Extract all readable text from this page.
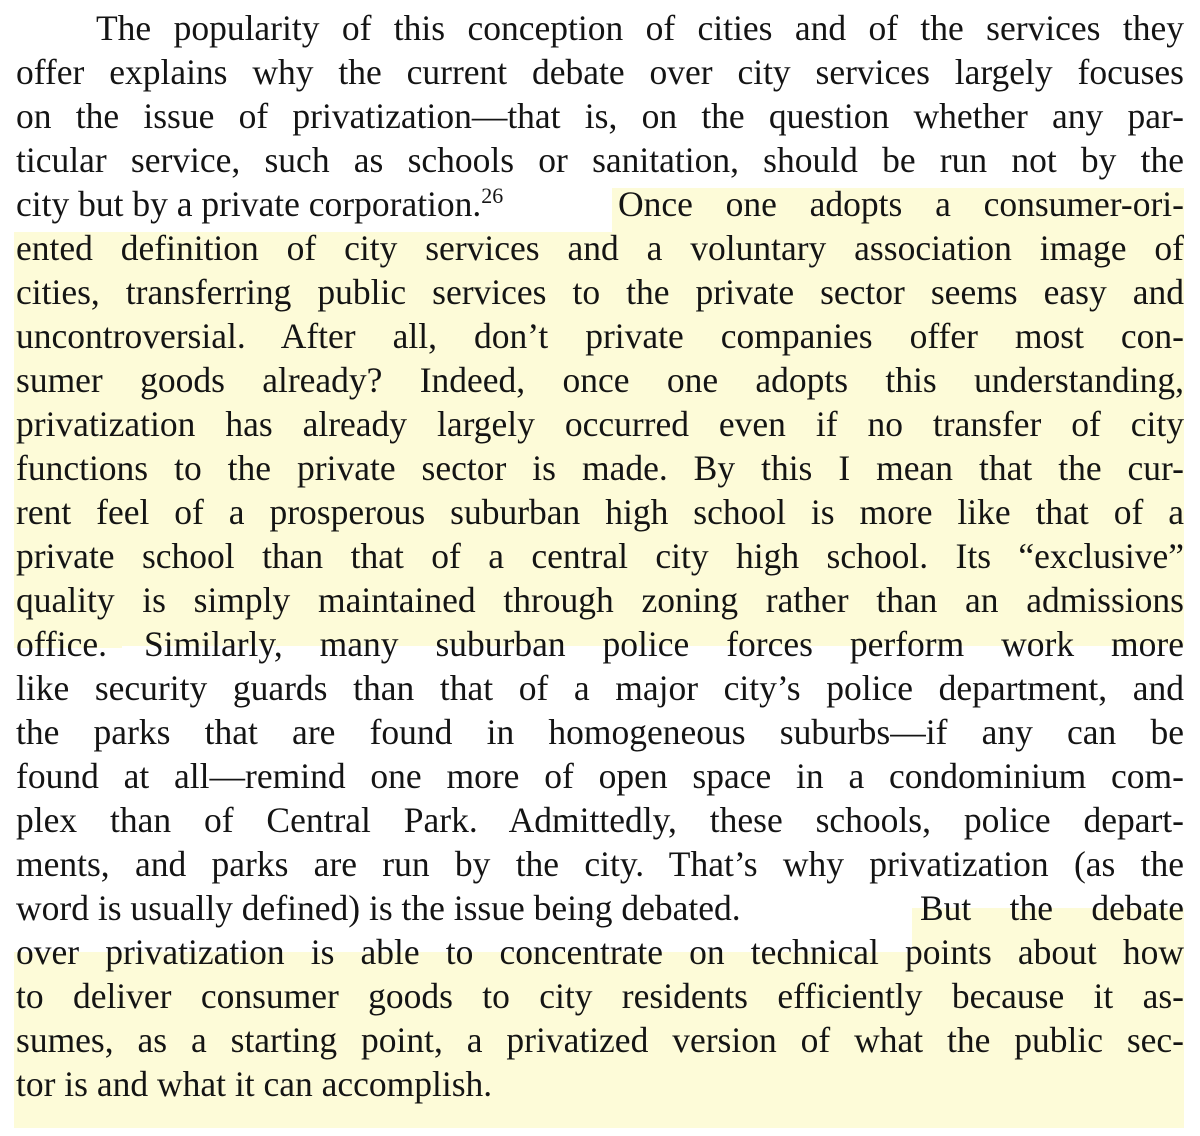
The popularity of this conception of cities and of the services they
offer explains why the current debate over city services largely focuses
on the issue of privatization—that is, on the question whether any par-
ticular service, such as schools or sanitation, should be run not by the
city but by a private corporation.$^{26}$	Once one adopts a consumer-ori-
ented definition of city services and a voluntary association image of
cities, transferring public services to the private sector seems easy and
uncontroversial. After all, don’t private companies offer most con-
sumer goods already? Indeed, once one adopts this understanding,
privatization has already largely occurred even if no transfer of city
functions to the private sector is made. By this I mean that the cur-
rent feel of a prosperous suburban high school is more like that of a
private school than that of a central city high school. Its “exclusive”
quality is simply maintained through zoning rather than an admissions
office. Similarly, many suburban police forces perform work more
like security guards than that of a major city’s police department, and
the parks that are found in homogeneous suburbs—if any can be
found at all—remind one more of open space in a condominium com-
plex than of Central Park. Admittedly, these schools, police depart-
ments, and parks are run by the city. That’s why privatization (as the
word is usually defined) is the issue being debated.	But the debate
over privatization is able to concentrate on technical points about how
to deliver consumer goods to city residents efficiently because it as-
sumes, as a starting point, a privatized version of what the public sec-
tor is and what it can accomplish.
